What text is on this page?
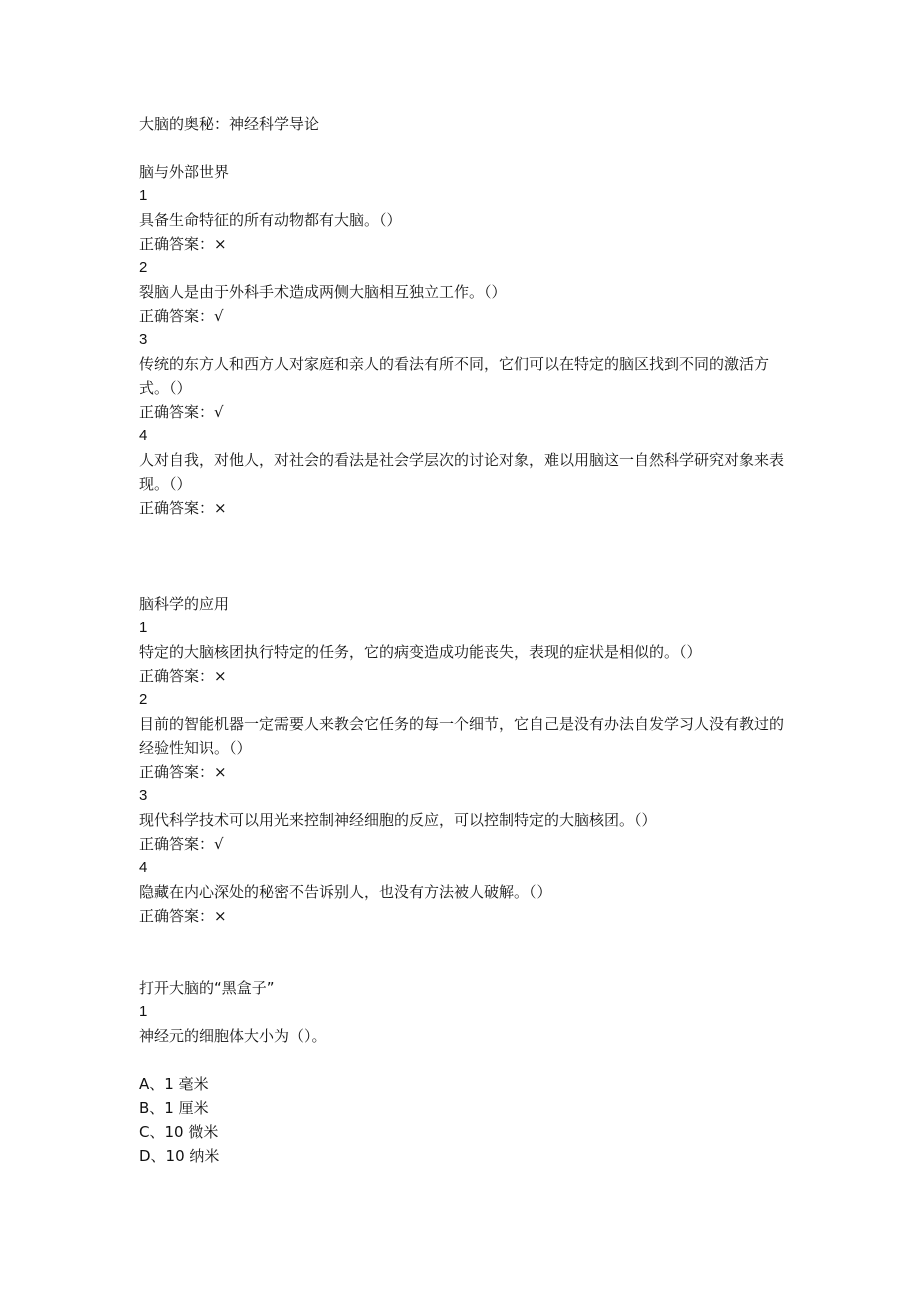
大脑的奥秘：神经科学导论
脑与外部世界
1
具备生命特征的所有动物都有大脑。（）
正确答案：×
2
裂脑人是由于外科手术造成两侧大脑相互独立工作。（）
正确答案：√
3
传统的东方人和西方人对家庭和亲人的看法有所不同，它们可以在特定的脑区找到不同的激活方式。（）
正确答案：√
4
人对自我，对他人，对社会的看法是社会学层次的讨论对象，难以用脑这一自然科学研究对象来表现。（）
正确答案：×
脑科学的应用
1
特定的大脑核团执行特定的任务，它的病变造成功能丧失，表现的症状是相似的。（）
正确答案：×
2
目前的智能机器一定需要人来教会它任务的每一个细节，它自己是没有办法自发学习人没有教过的经验性知识。（）
正确答案：×
3
现代科学技术可以用光来控制神经细胞的反应，可以控制特定的大脑核团。（）
正确答案：√
4
隐藏在内心深处的秘密不告诉别人，也没有方法被人破解。（）
正确答案：×
打开大脑的“黑盒子”
1
神经元的细胞体大小为（）。
A、1 毫米
B、1 厘米
C、10 微米
D、10 纳米
